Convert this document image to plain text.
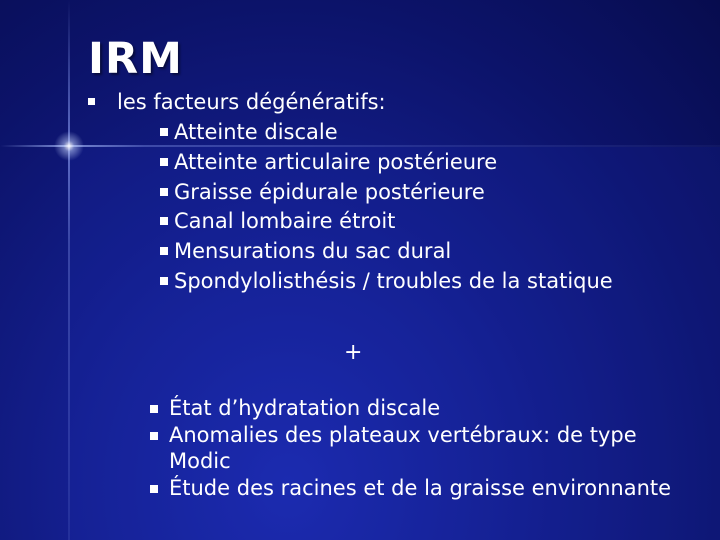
IRM
les facteurs dégénératifs:
Atteinte discale
Atteinte articulaire postérieure
Graisse épidurale postérieure
Canal lombaire étroit
Mensurations du sac dural
Spondylolisthésis / troubles de la statique
+
État d’hydratation discale
Anomalies des plateaux vertébraux: de type Modic
Étude des racines et de la graisse environnante
